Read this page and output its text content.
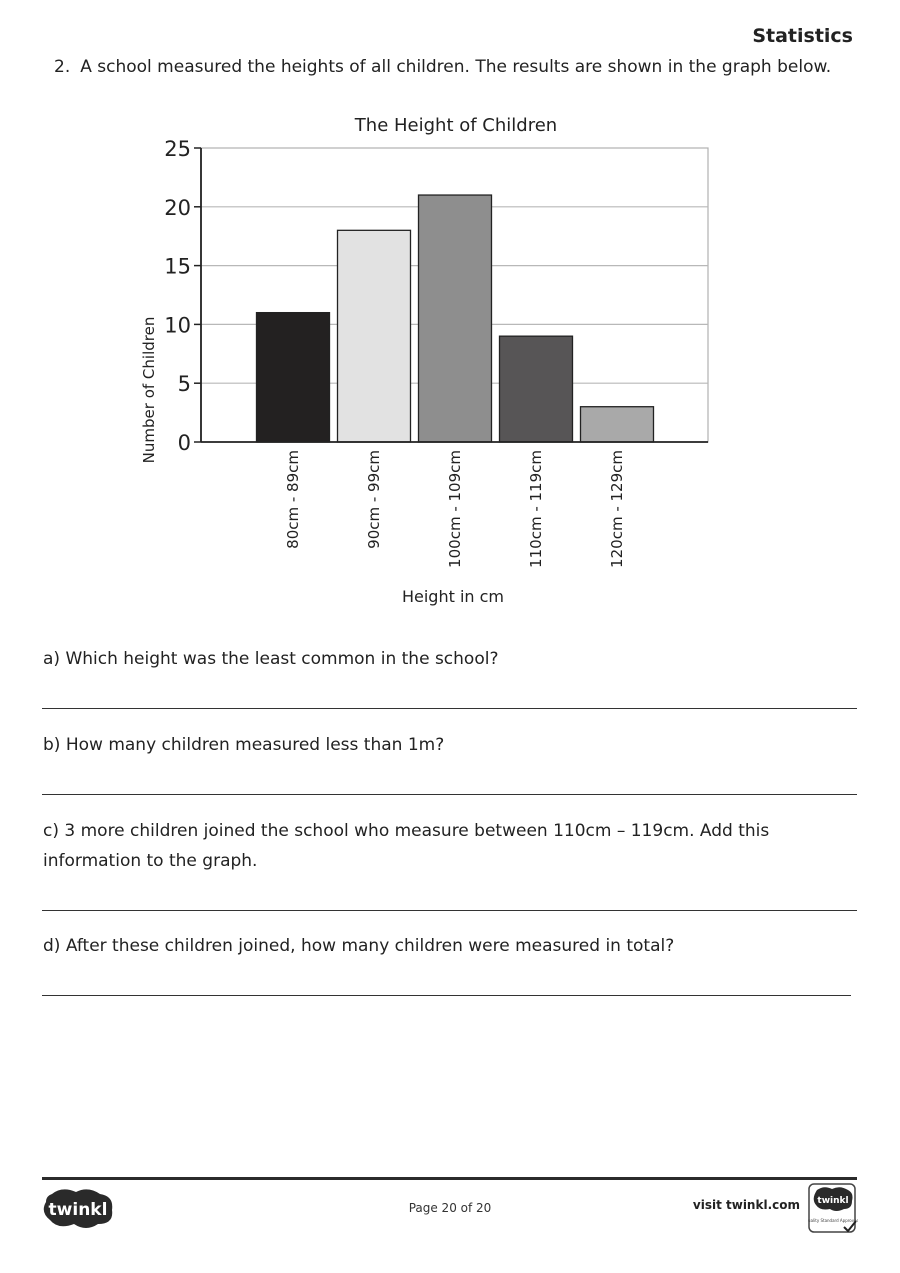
Statistics
2. A school measured the heights of all children. The results are shown in the graph below.
The Height of Children
0
5
10
15
20
25
80cm - 89cm	90cm - 99cm	100cm - 109cm	110cm - 119cm	120cm - 129cm
Number of Children
Height in cm
a) Which height was the least common in the school?
b) How many children measured less than 1m?
c) 3 more children joined the school who measure between 110cm – 119cm. Add this information to the graph.
d) After these children joined, how many children were measured in total?
twinkl	Page 20 of 20	visit twinkl.com twinkl
Quality Standard Approved
